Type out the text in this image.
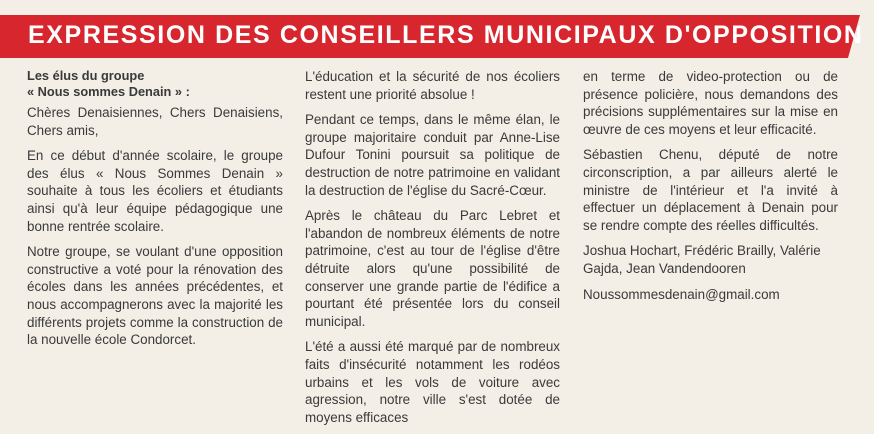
EXPRESSION DES CONSEILLERS MUNICIPAUX D'OPPOSITION

Les élus du groupe
« Nous sommes Denain » :

Chères Denaisiennes, Chers Denaisiens, Chers amis,

En ce début d'année scolaire, le groupe des élus « Nous Sommes Denain » souhaite à tous les écoliers et étudiants ainsi qu'à leur équipe pédagogique une bonne rentrée scolaire.

Notre groupe, se voulant d'une opposition constructive a voté pour la rénovation des écoles dans les années précédentes, et nous accompagnerons avec la majorité les différents projets comme la construction de la nouvelle école Condorcet.

L'éducation et la sécurité de nos écoliers restent une priorité absolue !

Pendant ce temps, dans le même élan, le groupe majoritaire conduit par Anne-Lise Dufour Tonini poursuit sa politique de destruction de notre patrimoine en validant la destruction de l'église du Sacré-Cœur.

Après le château du Parc Lebret et l'abandon de nombreux éléments de notre patrimoine, c'est au tour de l'église d'être détruite alors qu'une possibilité de conserver une grande partie de l'édifice a pourtant été présentée lors du conseil municipal.

L'été a aussi été marqué par de nombreux faits d'insécurité notamment les rodéos urbains et les vols de voiture avec agression, notre ville s'est dotée de moyens efficaces

en terme de video-protection ou de présence policière, nous demandons des précisions supplémentaires sur la mise en œuvre de ces moyens et leur efficacité.

Sébastien Chenu, député de notre circonscription, a par ailleurs alerté le ministre de l'intérieur et l'a invité à effectuer un déplacement à Denain pour se rendre compte des réelles difficultés.

Joshua Hochart, Frédéric Brailly, Valérie Gajda, Jean Vandendooren

Noussommesdenain@gmail.com
